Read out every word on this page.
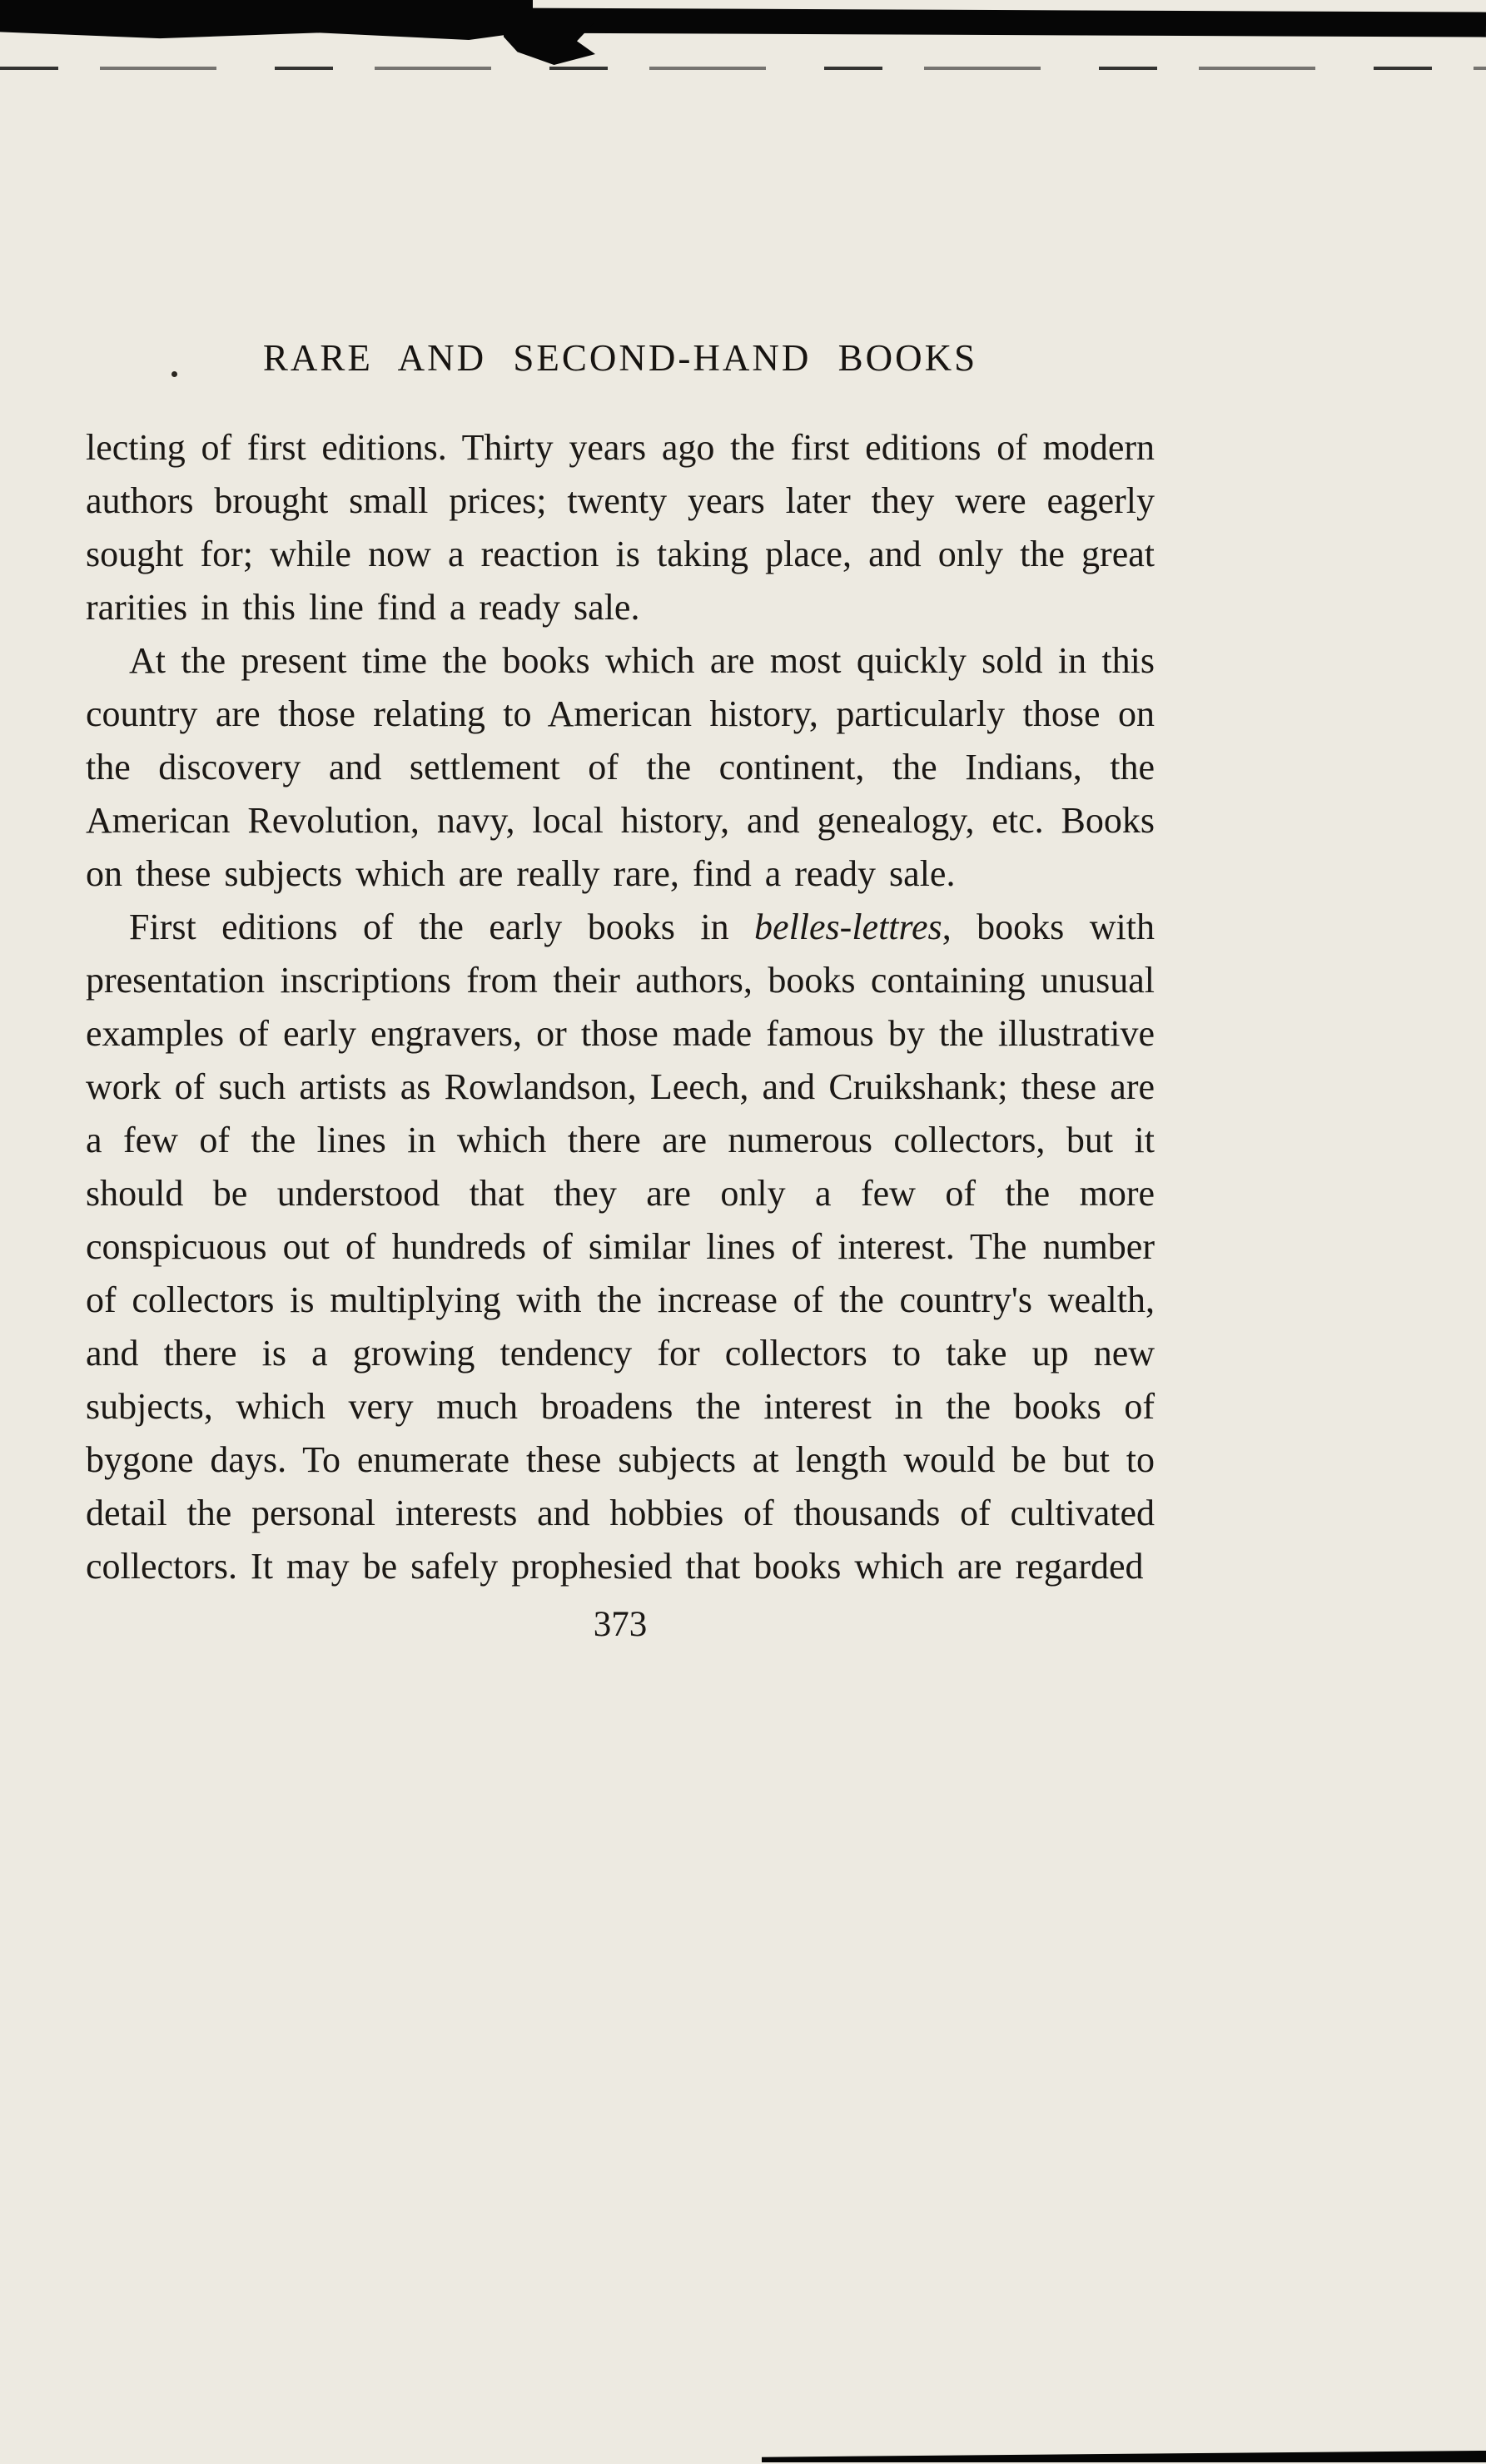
RARE AND SECOND-HAND BOOKS

lecting of first editions. Thirty years ago the first editions of modern authors brought small prices; twenty years later they were eagerly sought for; while now a reaction is taking place, and only the great rarities in this line find a ready sale.

At the present time the books which are most quickly sold in this country are those relating to American history, particularly those on the discovery and settlement of the continent, the Indians, the American Revolution, navy, local history, and genealogy, etc. Books on these subjects which are really rare, find a ready sale.

First editions of the early books in belles-lettres, books with presentation inscriptions from their authors, books containing unusual examples of early engravers, or those made famous by the illustrative work of such artists as Rowlandson, Leech, and Cruikshank; these are a few of the lines in which there are numerous collectors, but it should be understood that they are only a few of the more conspicuous out of hundreds of similar lines of interest. The number of collectors is multiplying with the increase of the country's wealth, and there is a growing tendency for collectors to take up new subjects, which very much broadens the interest in the books of bygone days. To enumerate these subjects at length would be but to detail the personal interests and hobbies of thousands of cultivated collectors. It may be safely prophesied that books which are regarded

373
